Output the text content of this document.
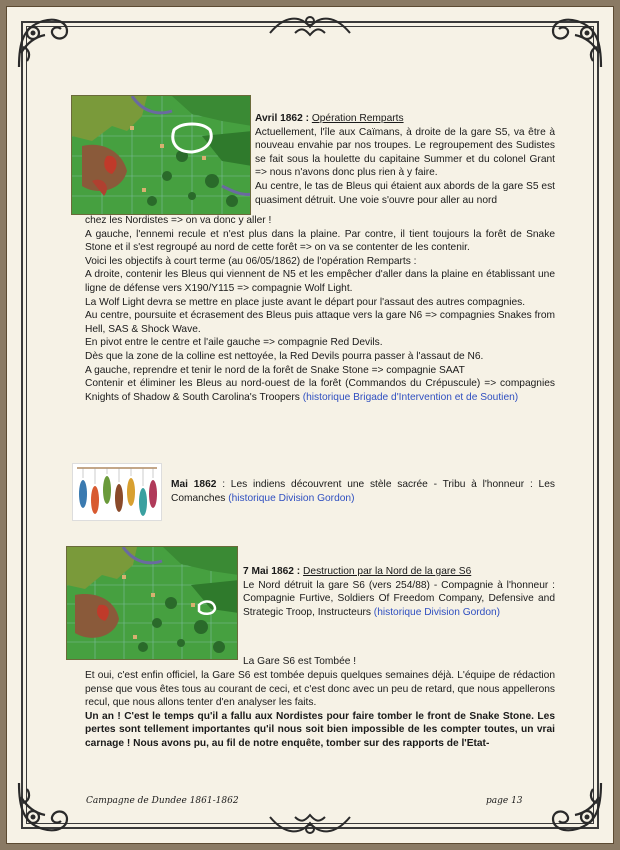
Avril 1862 : Opération Remparts
Actuellement, l'île aux Caïmans, à droite de la gare S5, va être à nouveau envahie par nos troupes. Le regroupement des Sudistes se fait sous la houlette du capitaine Summer et du colonel Grant => nous n'avons donc plus rien à y faire.
Au centre, le tas de Bleus qui étaient aux abords de la gare S5 est quasiment détruit. Une voie s'ouvre pour aller au nord
chez les Nordistes => on va donc y aller !
A gauche, l'ennemi recule et n'est plus dans la plaine. Par contre, il tient toujours la forêt de Snake Stone et il s'est regroupé au nord de cette forêt => on va se contenter de les contenir.
Voici les objectifs à court terme (au 06/05/1862) de l'opération Remparts :
A droite, contenir les Bleus qui viennent de N5 et les empêcher d'aller dans la plaine en établissant une ligne de défense vers X190/Y115 => compagnie Wolf Light.
La Wolf Light devra se mettre en place juste avant le départ pour l'assaut des autres compagnies.
Au centre, poursuite et écrasement des Bleus puis attaque vers la gare N6 => compagnies Snakes from Hell, SAS & Shock Wave.
En pivot entre le centre et l'aile gauche => compagnie Red Devils.
Dès que la zone de la colline est nettoyée, la Red Devils pourra passer à l'assaut de N6.
A gauche, reprendre et tenir le nord de la forêt de Snake Stone => compagnie SAAT
Contenir et éliminer les Bleus au nord-ouest de la forêt (Commandos du Crépuscule) => compagnies Knights of Shadow & South Carolina's Troopers (historique Brigade d'Intervention et de Soutien)
Mai 1862 : Les indiens découvrent une stèle sacrée - Tribu à l'honneur : Les Comanches (historique Division Gordon)
7 Mai 1862 : Destruction par la Nord de la gare S6
Le Nord détruit la gare S6 (vers 254/88) - Compagnie à l'honneur : Compagnie Furtive, Soldiers Of Freedom Company, Defensive and Strategic Troop, Instructeurs (historique Division Gordon)
La Gare S6 est Tombée !
Et oui, c'est enfin officiel, la Gare S6 est tombée depuis quelques semaines déjà. L'équipe de rédaction pense que vous êtes tous au courant de ceci, et c'est donc avec un peu de retard, que nous appellerons recul, que nous allons tenter d'en analyser les faits.
Un an ! C'est le temps qu'il a fallu aux Nordistes pour faire tomber le front de Snake Stone. Les pertes sont tellement importantes qu'il nous soit bien impossible de les compter toutes, un vrai carnage ! Nous avons pu, au fil de notre enquête, tomber sur des rapports de l'Etat-
Campagne de Dundee 1861-1862	page 13
